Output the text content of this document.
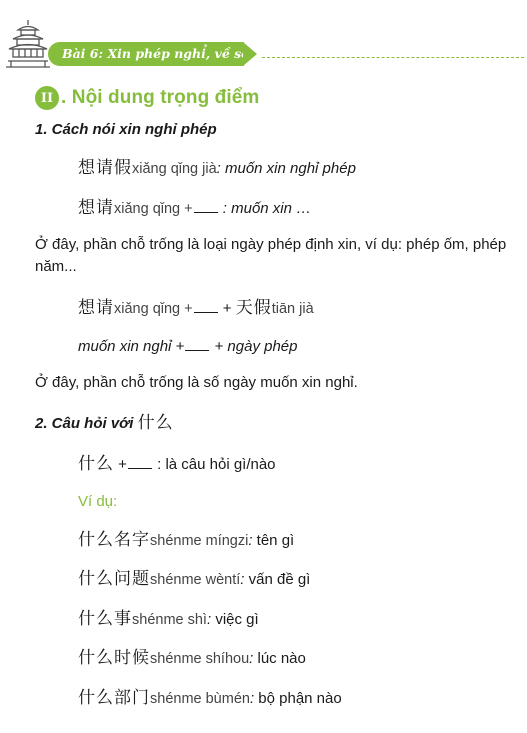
Bài 6: Xin phép nghỉ, về sớm
II . Nội dung trọng điểm
1. Cách nói xin nghỉ phép
想请假xiǎng qǐng jià: muốn xin nghỉ phép
想请xiǎng qǐng + : muốn xin …
Ở đây, phần chỗ trống là loại ngày phép định xin, ví dụ: phép ốm, phép năm...
想请xiǎng qǐng + + 天假tiān jià
muốn xin nghỉ + + ngày phép
Ở đây, phần chỗ trống là số ngày muốn xin nghỉ.
2. Câu hỏi với 什么
什么 + : là câu hỏi gì/nào
Ví dụ:
什么名字shénme míngzi: tên gì
什么问题shénme wèntí: vấn đề gì
什么事shénme shì: việc gì
什么时候shénme shíhou: lúc nào
什么部门shénme bùmén: bộ phận nào
